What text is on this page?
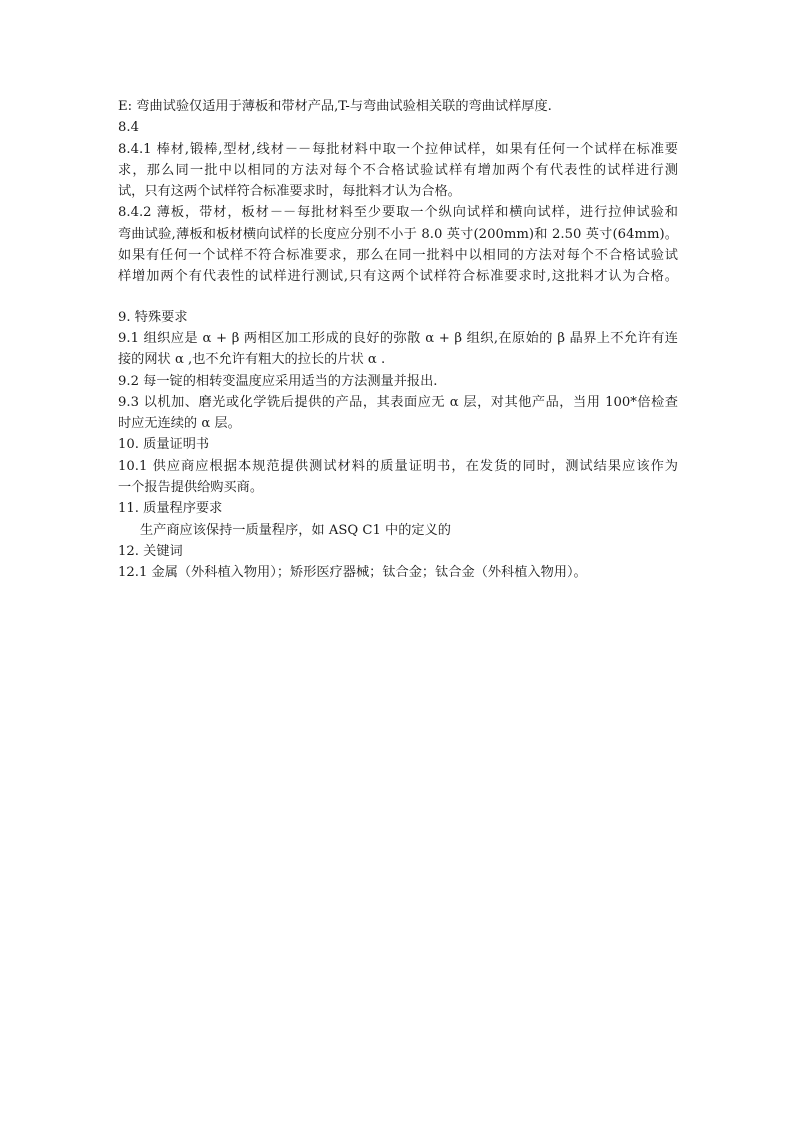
E: 弯曲试验仅适用于薄板和带材产品,T-与弯曲试验相关联的弯曲试样厚度.
8.4
8.4.1 棒材,锻棒,型材,线材－－每批材料中取一个拉伸试样，如果有任何一个试样在标准要
求，那么同一批中以相同的方法对每个不合格试验试样有增加两个有代表性的试样进行测
试，只有这两个试样符合标准要求时，每批料才认为合格。
8.4.2 薄板，带材，板材－－每批材料至少要取一个纵向试样和横向试样，进行拉伸试验和
弯曲试验,薄板和板材横向试样的长度应分别不小于 8.0 英寸(200mm)和 2.50 英寸(64mm)。
如果有任何一个试样不符合标准要求，那么在同一批料中以相同的方法对每个不合格试验试
样增加两个有代表性的试样进行测试,只有这两个试样符合标准要求时,这批料才认为合格。
9. 特殊要求
9.1 组织应是 α + β 两相区加工形成的良好的弥散 α + β 组织,在原始的 β 晶界上不允许有连
接的网状 α ,也不允许有粗大的拉长的片状 α .
9.2 每一锭的相转变温度应采用适当的方法测量并报出.
9.3 以机加、磨光或化学铣后提供的产品，其表面应无 α 层，对其他产品，当用 100*倍检查
时应无连续的 α 层。
10. 质量证明书
10.1 供应商应根据本规范提供测试材料的质量证明书，在发货的同时，测试结果应该作为
一个报告提供给购买商。
11. 质量程序要求
生产商应该保持一质量程序，如 ASQ C1 中的定义的
12. 关键词
12.1 金属（外科植入物用）；矫形医疗器械；钛合金；钛合金（外科植入物用）。
